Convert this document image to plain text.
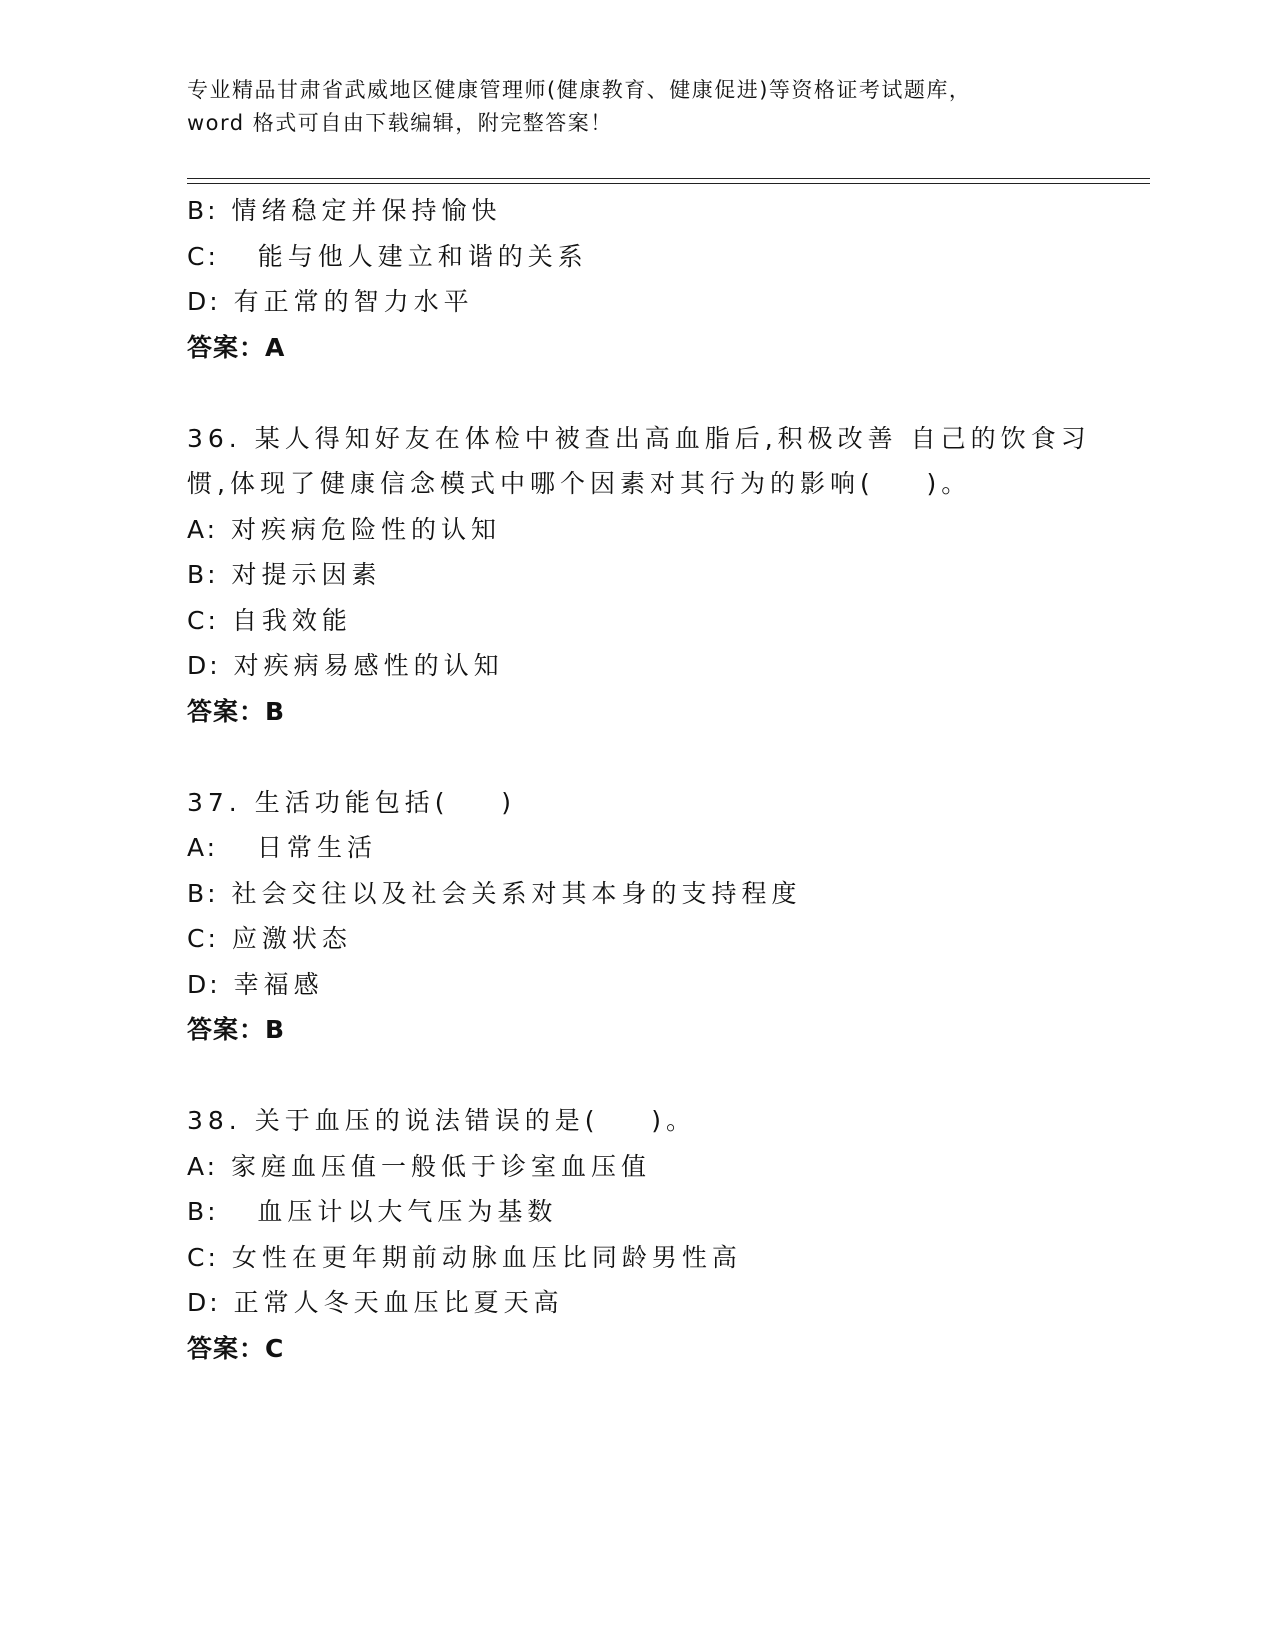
专业精品甘肃省武威地区健康管理师(健康教育、健康促进)等资格证考试题库，
word 格式可自由下载编辑，附完整答案！
B: 情绪稳定并保持愉快
C:   能与他人建立和谐的关系
D: 有正常的智力水平
答案：A
36. 某人得知好友在体检中被查出高血脂后,积极改善 自己的饮食习
惯,体现了健康信念模式中哪个因素对其行为的影响(    )。
A: 对疾病危险性的认知
B: 对提示因素
C: 自我效能
D: 对疾病易感性的认知
答案：B
37. 生活功能包括(    )
A:   日常生活
B: 社会交往以及社会关系对其本身的支持程度
C: 应激状态
D: 幸福感
答案：B
38. 关于血压的说法错误的是(    )。
A: 家庭血压值一般低于诊室血压值
B:   血压计以大气压为基数
C: 女性在更年期前动脉血压比同龄男性高
D: 正常人冬天血压比夏天高
答案：C
